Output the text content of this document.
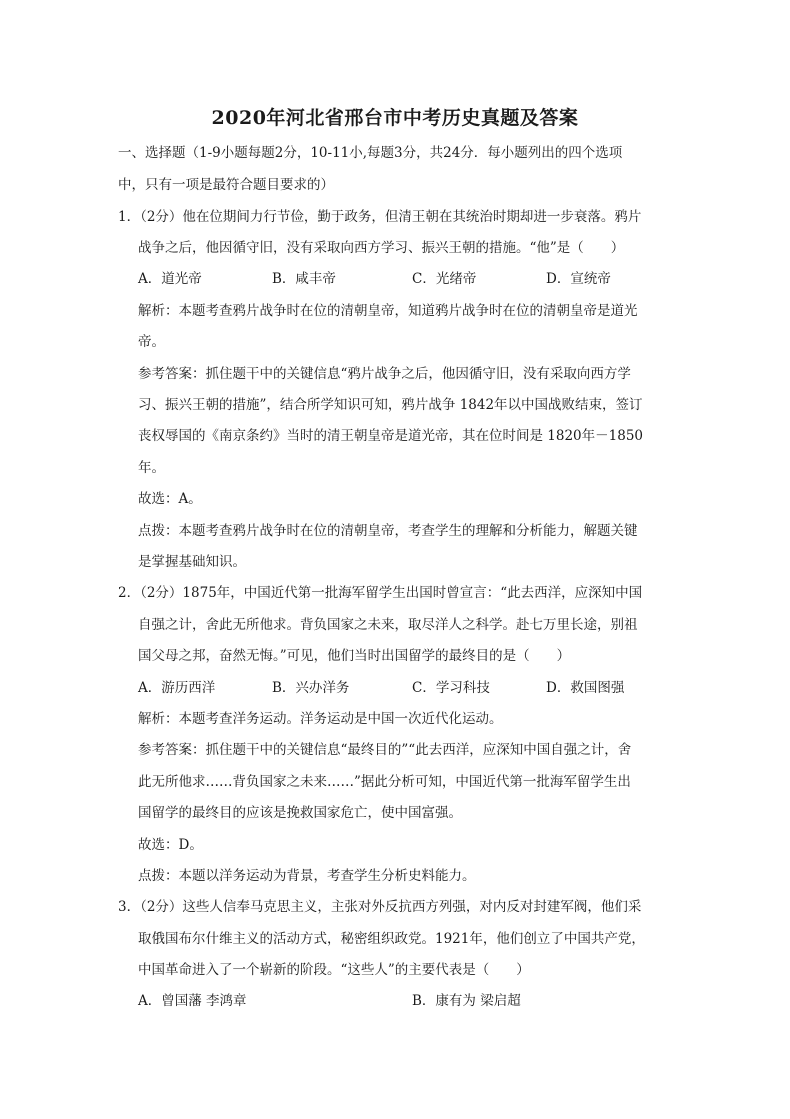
2020年河北省邢台市中考历史真题及答案
一、选择题（1-9小题每题2分，10-11小,每题3分，共24分．每小题列出的四个选项
中，只有一项是最符合题目要求的）
1．（2分）他在位期间力行节俭，勤于政务，但清王朝在其统治时期却进一步衰落。鸦片
战争之后，他因循守旧，没有采取向西方学习、振兴王朝的措施。“他”是（　　）
A．道光帝	B．咸丰帝	C．光绪帝	D．宣统帝
解析：本题考查鸦片战争时在位的清朝皇帝，知道鸦片战争时在位的清朝皇帝是道光
帝。
参考答案：抓住题干中的关键信息“鸦片战争之后，他因循守旧，没有采取向西方学
习、振兴王朝的措施”，结合所学知识可知，鸦片战争 1842年以中国战败结束，签订
丧权辱国的《南京条约》当时的清王朝皇帝是道光帝，其在位时间是 1820年－1850
年。
故选：A。
点拨：本题考查鸦片战争时在位的清朝皇帝，考查学生的理解和分析能力，解题关键
是掌握基础知识。
2．（2分）1875年，中国近代第一批海军留学生出国时曾宣言：“此去西洋，应深知中国
自强之计，舍此无所他求。背负国家之未来，取尽洋人之科学。赴七万里长途，别祖
国父母之邦，奋然无悔。”可见，他们当时出国留学的最终目的是（　　）
A．游历西洋	B．兴办洋务	C．学习科技	D．救国图强
解析：本题考查洋务运动。洋务运动是中国一次近代化运动。
参考答案：抓住题干中的关键信息“最终目的”“此去西洋，应深知中国自强之计，舍
此无所他求……背负国家之未来……”据此分析可知，中国近代第一批海军留学生出
国留学的最终目的应该是挽救国家危亡，使中国富强。
故选：D。
点拨：本题以洋务运动为背景，考查学生分析史料能力。
3．（2分）这些人信奉马克思主义，主张对外反抗西方列强，对内反对封建军阀，他们采
取俄国布尔什维主义的活动方式，秘密组织政党。1921年，他们创立了中国共产党，
中国革命进入了一个崭新的阶段。“这些人”的主要代表是（　　）
A．曾国藩 李鸿章	B．康有为 梁启超
